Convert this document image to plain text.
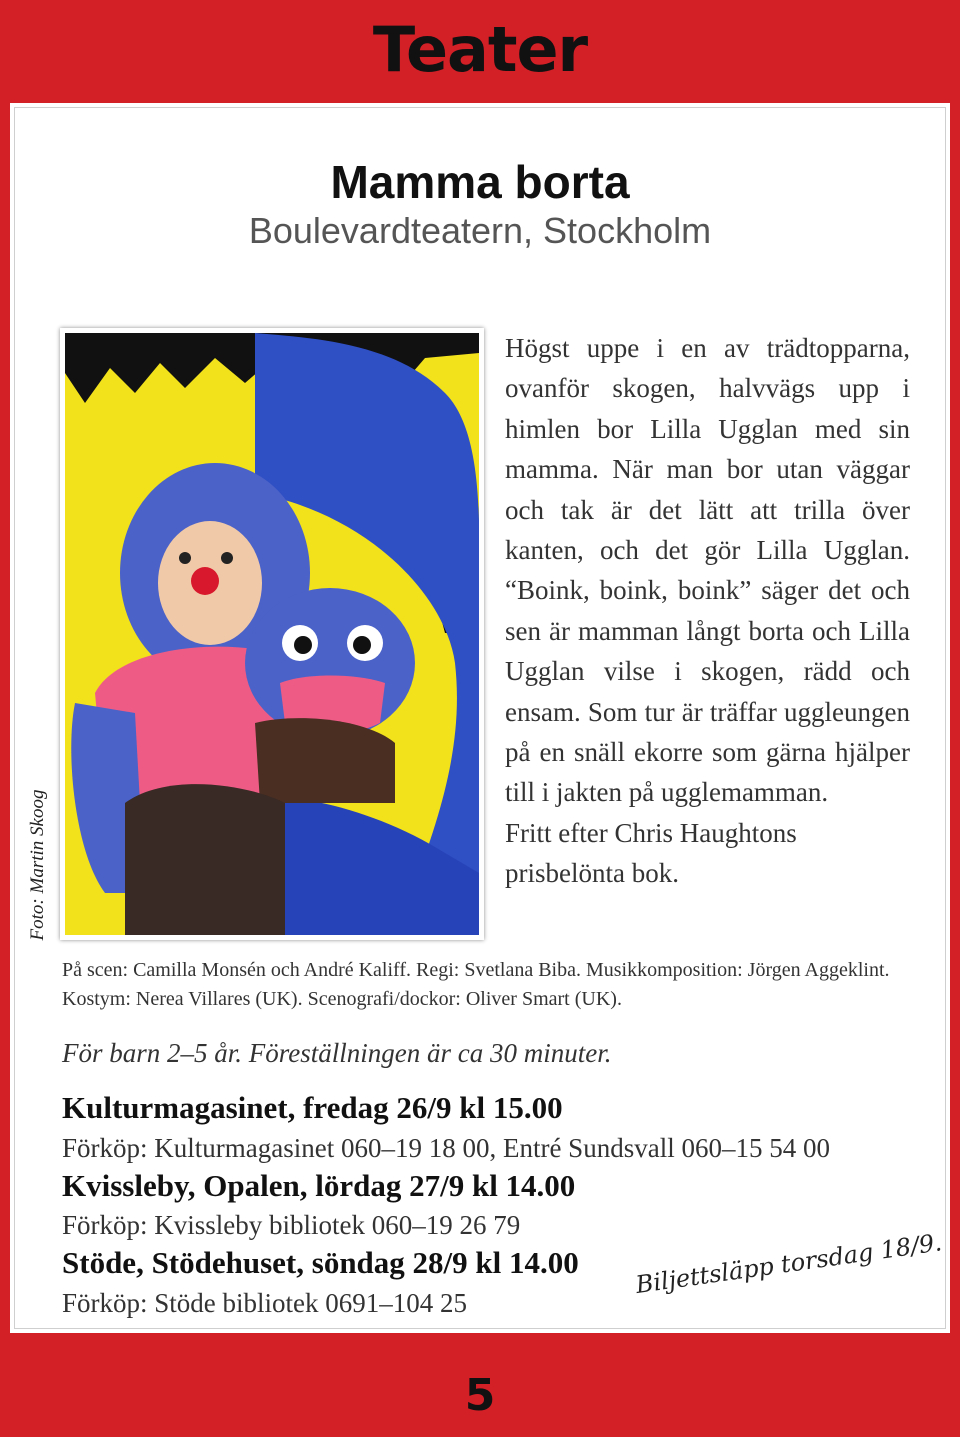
Teater
Mamma borta
Boulevardteatern, Stockholm
Foto: Martin Skoog

Högst uppe i en av trädtopparna, ovanför skogen, halvvägs upp i himlen bor Lilla Ugglan med sin mamma. När man bor utan väggar och tak är det lätt att trilla över kanten, och det gör Lilla Ugglan. “Boink, boink, boink” säger det och sen är mamman långt borta och Lilla Ugglan vilse i skogen, rädd och ensam. Som tur är träffar uggleungen på en snäll ekorre som gärna hjälper till i jakten på ugglemamman.

Fritt efter Chris Haughtons prisbelönta bok.

På scen: Camilla Monsén och André Kaliff. Regi: Svetlana Biba. Musikkomposition: Jörgen Aggeklint. Kostym: Nerea Villares (UK). Scenografi/dockor: Oliver Smart (UK).
För barn 2–5 år. Föreställningen är ca 30 minuter.
Kulturmagasinet, fredag 26/9 kl 15.00
Förköp: Kulturmagasinet 060–19 18 00, Entré Sundsvall 060–15 54 00
Kvissleby, Opalen, lördag 27/9 kl 14.00
Förköp: Kvissleby bibliotek 060–19 26 79
Stöde, Stödehuset, söndag 28/9 kl 14.00
Förköp: Stöde bibliotek 0691–104 25
Biljettsläpp torsdag 18/9.
5
